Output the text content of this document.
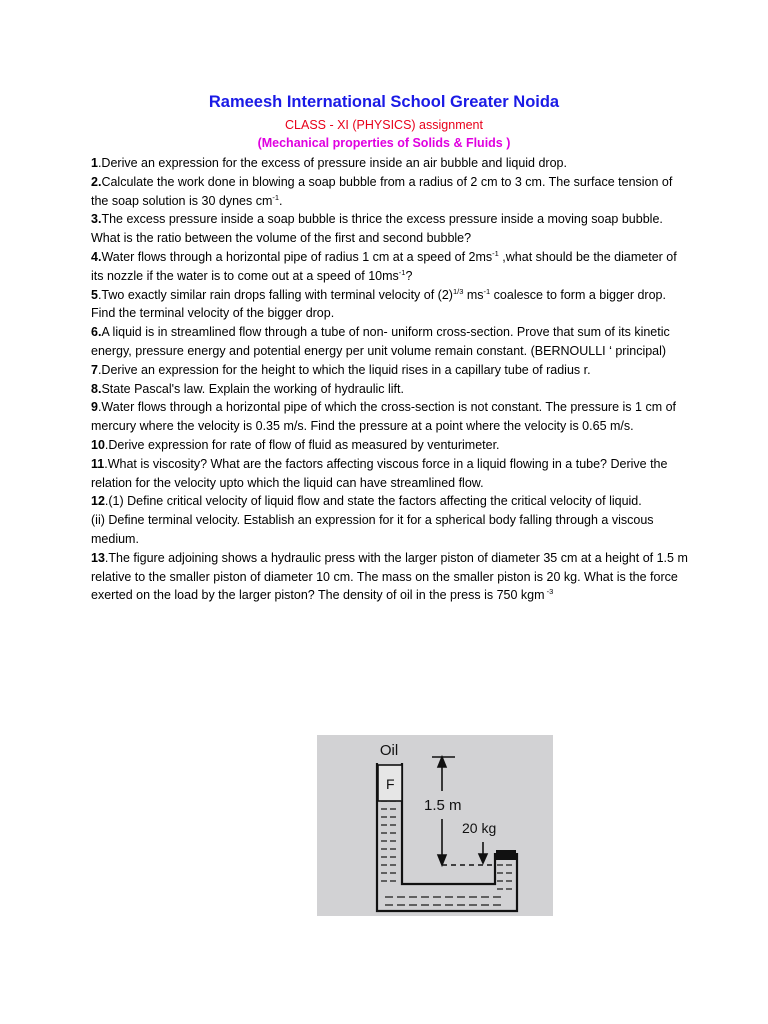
Rameesh International School Greater Noida
CLASS - XI (PHYSICS) assignment
(Mechanical properties of Solids & Fluids )

1.Derive an expression for the excess of pressure inside an air bubble and liquid drop.

2.Calculate the work done in blowing a soap bubble from a radius of 2 cm to 3 cm. The surface tension of the soap solution is 30 dynes $cm^{-1}$.

3.The excess pressure inside a soap bubble is thrice the excess pressure inside a moving soap bubble. What is the ratio between the volume of the first and second bubble?

4.Water flows through a horizontal pipe of radius 1 cm at a speed of $2ms^{-1}$ ,what should be the diameter of its nozzle if the water is to come out at a speed of $10ms^{-1}$?

5.Two exactly similar rain drops falling with terminal velocity of $(2)^{1/3}$ $ms^{-1}$ coalesce to form a bigger drop. Find the terminal velocity of the bigger drop.

6.A liquid is in streamlined flow through a tube of non- uniform cross-section. Prove that sum of its kinetic energy, pressure energy and potential energy per unit volume remain constant. (BERNOULLI ‘ principal)

7.Derive an expression for the height to which the liquid rises in a capillary tube of radius r.

8.State Pascal's law. Explain the working of hydraulic lift.

9.Water flows through a horizontal pipe of which the cross-section is not constant. The pressure is 1 cm of mercury where the velocity is 0.35 m/s. Find the pressure at a point where the velocity is 0.65 m/s.

10.Derive expression for rate of flow of fluid as measured by venturimeter.

11.What is viscosity? What are the factors affecting viscous force in a liquid flowing in a tube? Derive the relation for the velocity upto which the liquid can have streamlined flow.

12.(1) Define critical velocity of liquid flow and state the factors affecting the critical velocity of liquid.

(ii) Define terminal velocity. Establish an expression for it for a spherical body falling through a viscous medium.

13.The figure adjoining shows a hydraulic press with the larger piston of diameter 35 cm at a height of 1.5 m relative to the smaller piston of diameter 10 cm. The mass on the smaller piston is 20 kg. What is the force exerted on the load by the larger piston? The density of oil in the press is 750 kgm $^{-3}$

Oil
F
1.5 m
20 kg
